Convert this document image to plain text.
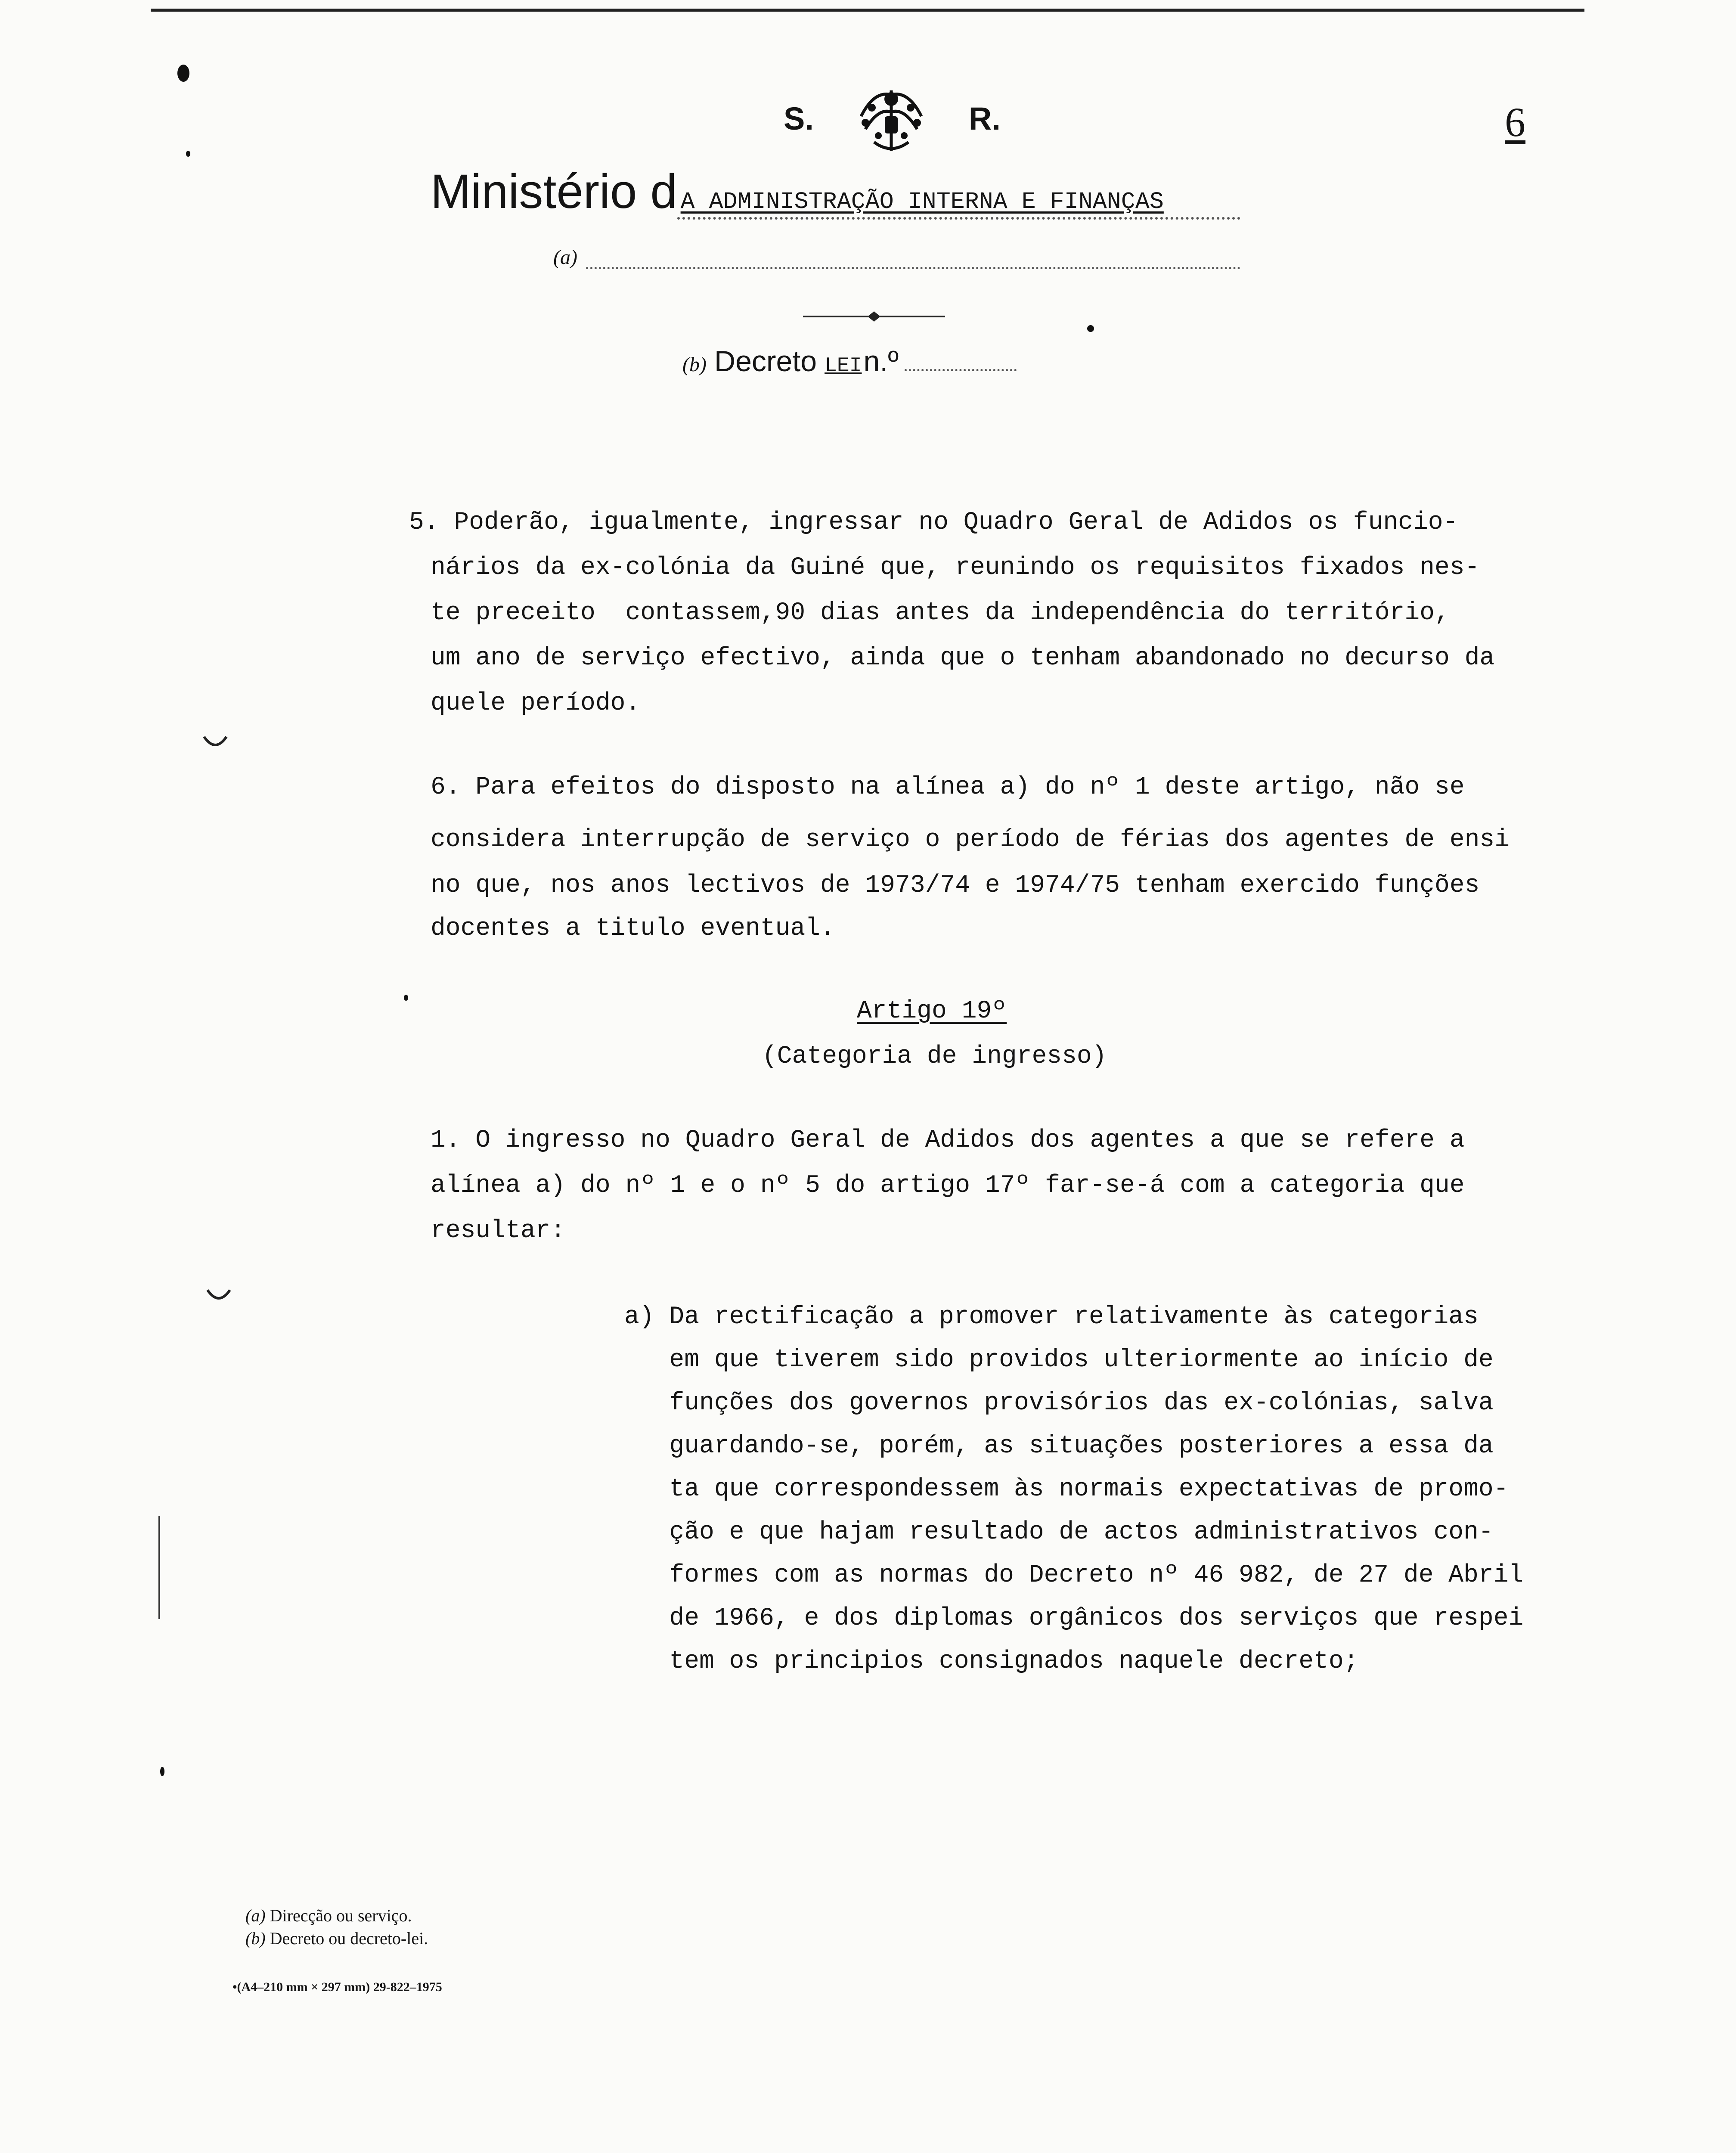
S.	R.	6
Ministério d A ADMINISTRAÇÃO INTERNA E FINANÇAS
(a)
(b) Decreto LEI n.º
5. Poderão, igualmente, ingressar no Quadro Geral de Adidos os funcio-
nários da ex-colónia da Guiné que, reunindo os requisitos fixados nes-
te preceito  contassem,90 dias antes da independência do território,
um ano de serviço efectivo, ainda que o tenham abandonado no decurso da
quele período.
6. Para efeitos do disposto na alínea a) do nº 1 deste artigo, não se
considera interrupção de serviço o período de férias dos agentes de ensi
no que, nos anos lectivos de 1973/74 e 1974/75 tenham exercido funções
docentes a titulo eventual.
Artigo 19º
(Categoria de ingresso)
1. O ingresso no Quadro Geral de Adidos dos agentes a que se refere a
alínea a) do nº 1 e o nº 5 do artigo 17º far-se-á com a categoria que
resultar:
a) Da rectificação a promover relativamente às categorias
em que tiverem sido providos ulteriormente ao início de
funções dos governos provisórios das ex-colónias, salva
guardando-se, porém, as situações posteriores a essa da
ta que correspondessem às normais expectativas de promo-
ção e que hajam resultado de actos administrativos con-
formes com as normas do Decreto nº 46 982, de 27 de Abril
de 1966, e dos diplomas orgânicos dos serviços que respei
tem os principios consignados naquele decreto;
(a) Direcção ou serviço.
(b) Decreto ou decreto-lei.
•(A4–210 mm × 297 mm) 29-822–1975
